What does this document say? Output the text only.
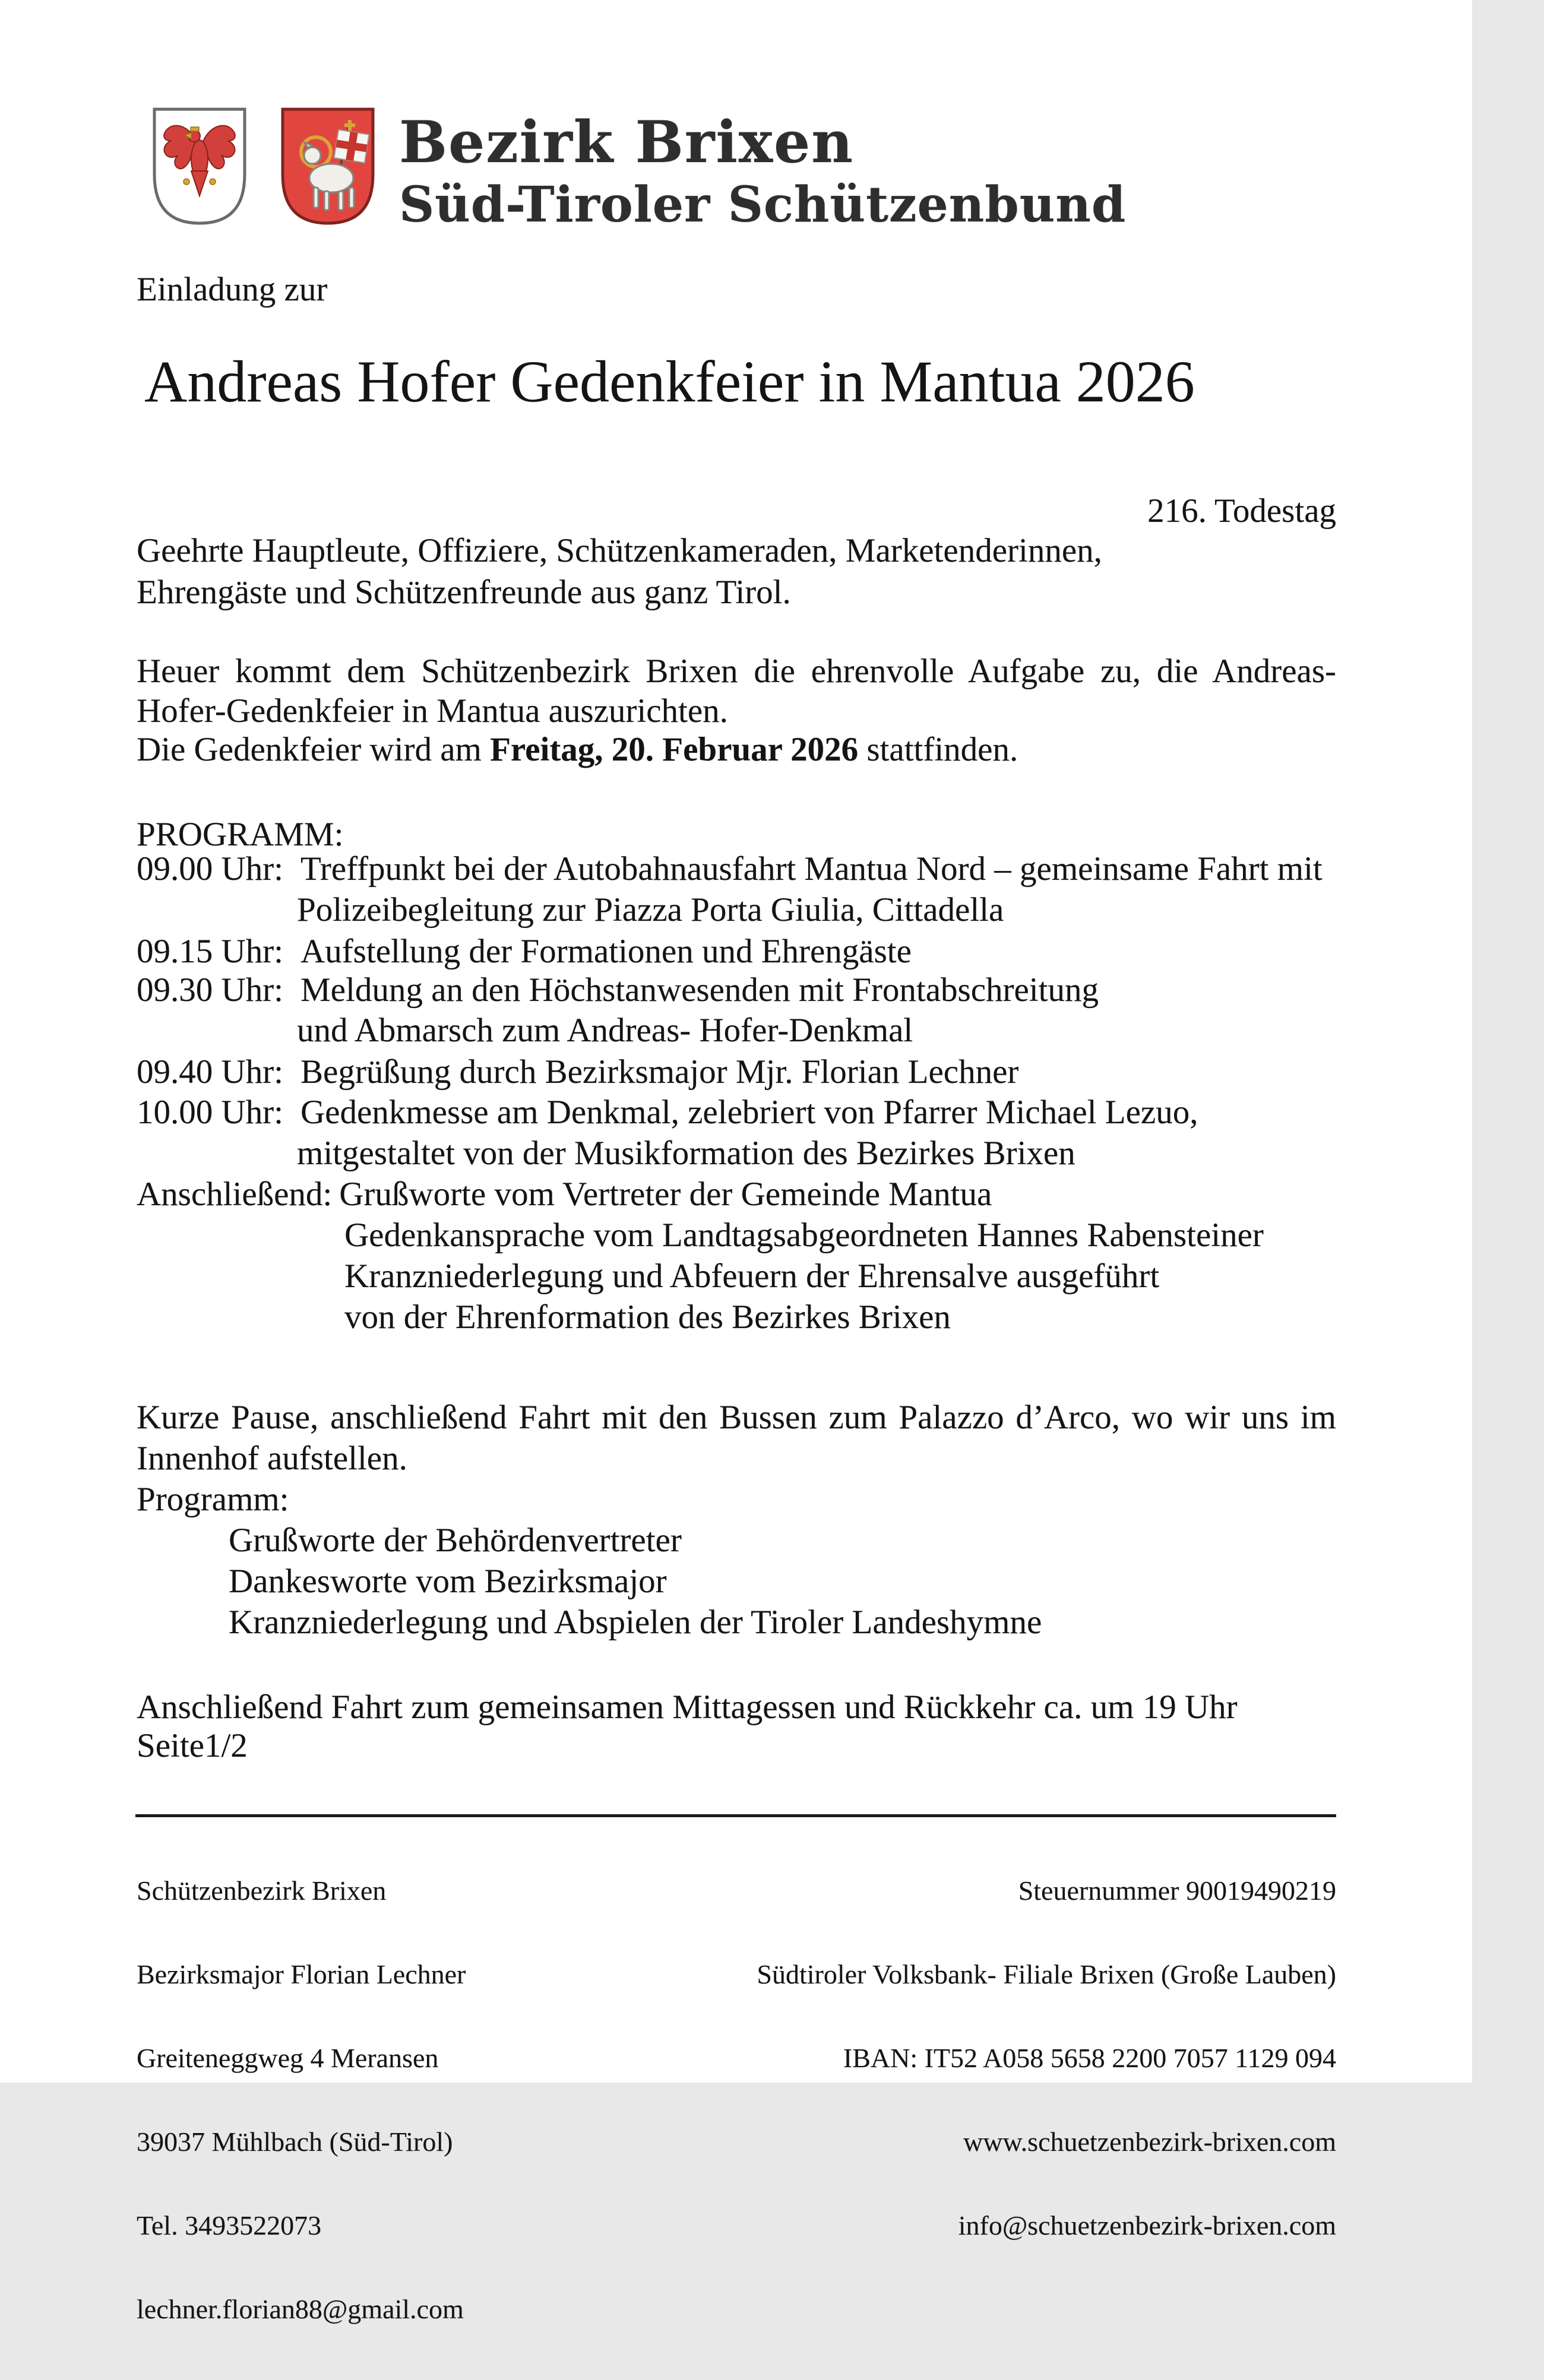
Bezirk Brixen
Süd-Tiroler Schützenbund
Einladung zur
Andreas Hofer Gedenkfeier in Mantua 2026
216. Todestag
Geehrte Hauptleute, Offiziere, Schützenkameraden, Marketenderinnen,
Ehrengäste und Schützenfreunde aus ganz Tirol.
Heuer kommt dem Schützenbezirk Brixen die ehrenvolle Aufgabe zu, die Andreas-
Hofer-Gedenkfeier in Mantua auszurichten.
Die Gedenkfeier wird am Freitag, 20. Februar 2026 stattfinden.
PROGRAMM:
09.00 Uhr: Treffpunkt bei der Autobahnausfahrt Mantua Nord – gemeinsame Fahrt mit
Polizeibegleitung zur Piazza Porta Giulia, Cittadella
09.15 Uhr: Aufstellung der Formationen und Ehrengäste
09.30 Uhr: Meldung an den Höchstanwesenden mit Frontabschreitung
und Abmarsch zum Andreas- Hofer-Denkmal
09.40 Uhr: Begrüßung durch Bezirksmajor Mjr. Florian Lechner
10.00 Uhr: Gedenkmesse am Denkmal, zelebriert von Pfarrer Michael Lezuo,
mitgestaltet von der Musikformation des Bezirkes Brixen
Anschließend: Grußworte vom Vertreter der Gemeinde Mantua
Gedenkansprache vom Landtagsabgeordneten Hannes Rabensteiner
Kranzniederlegung und Abfeuern der Ehrensalve ausgeführt
von der Ehrenformation des Bezirkes Brixen
Kurze Pause, anschließend Fahrt mit den Bussen zum Palazzo d’Arco, wo wir uns im
Innenhof aufstellen.
Programm:
Grußworte der Behördenvertreter
Dankesworte vom Bezirksmajor
Kranzniederlegung und Abspielen der Tiroler Landeshymne
Anschließend Fahrt zum gemeinsamen Mittagessen und Rückkehr ca. um 19 Uhr
Seite1/2

Schützenbezirk Brixen

Bezirksmajor Florian Lechner

Greiteneggweg 4 Meransen

39037 Mühlbach (Süd-Tirol)

Tel. 3493522073

lechner.florian88@gmail.com

Steuernummer 90019490219

Südtiroler Volksbank- Filiale Brixen (Große Lauben)

IBAN: IT52 A058 5658 2200 7057 1129 094

www.schuetzenbezirk-brixen.com

info@schuetzenbezirk-brixen.com
